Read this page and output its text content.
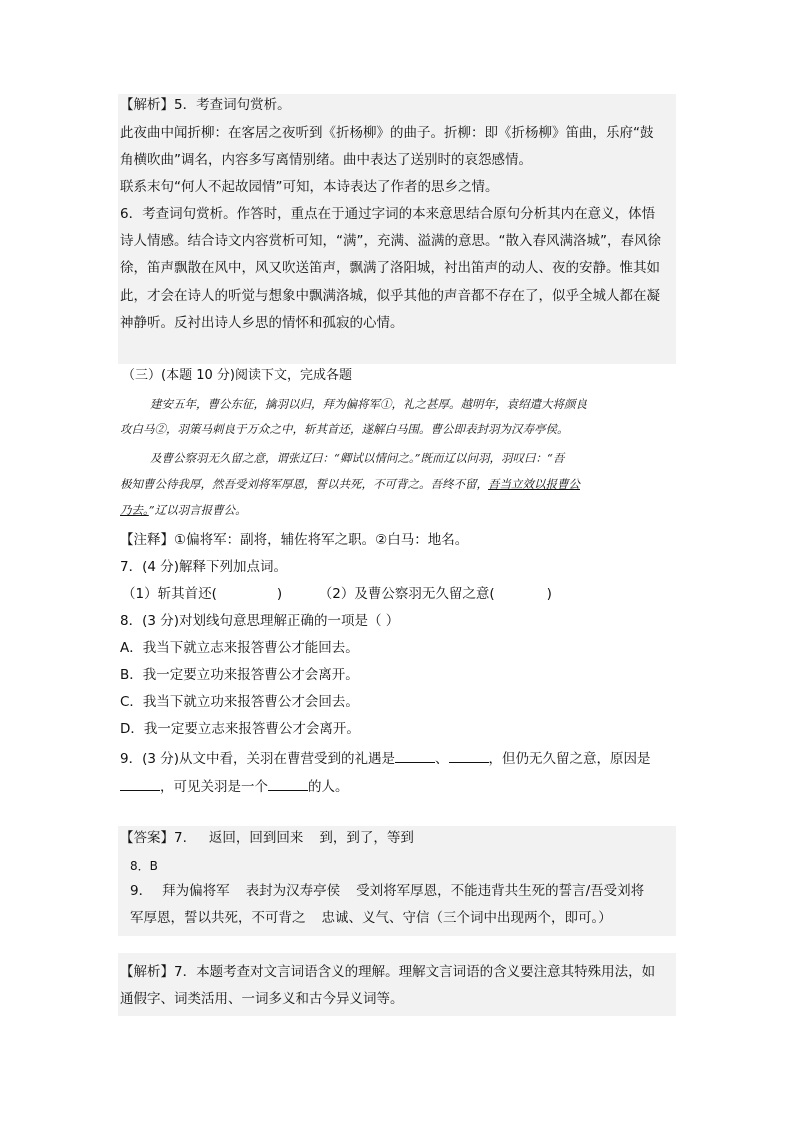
【解析】5．考查词句赏析。
此夜曲中闻折柳：在客居之夜听到《折杨柳》的曲子。折柳：即《折杨柳》笛曲，乐府“鼓
角横吹曲”调名，内容多写离情别绪。曲中表达了送别时的哀怨感情。
联系末句“何人不起故园情”可知，本诗表达了作者的思乡之情。
6．考查词句赏析。作答时，重点在于通过字词的本来意思结合原句分析其内在意义，体悟
诗人情感。结合诗文内容赏析可知，“满”，充满、溢满的意思。“散入春风满洛城”，春风徐
徐，笛声飘散在风中，风又吹送笛声，飘满了洛阳城，衬出笛声的动人、夜的安静。惟其如
此，才会在诗人的听觉与想象中飘满洛城，似乎其他的声音都不存在了，似乎全城人都在凝
神静听。反衬出诗人乡思的情怀和孤寂的心情。
（三）(本题 10 分)阅读下文，完成各题
建安五年，曹公东征，擒羽以归，拜为偏将军①，礼之甚厚。越明年，袁绍遣大将颜良
攻白马②，羽策马刺良于万众之中，斩其首还，遂解白马围。曹公即表封羽为汉寿亭侯。
及曹公察羽无久留之意，谓张辽曰：“卿试以情问之。”既而辽以问羽，羽叹曰：“吾
极知曹公待我厚，然吾受刘将军厚恩，誓以共死，不可背之。吾终不留，吾当立效以报曹公
乃去。”辽以羽言报曹公。
【注释】①偏将军：副将，辅佐将军之职。②白马：地名。
7．(4 分)解释下列加点词。
（1）斩其首还(	)	（2）及曹公察羽无久留之意(	)
8．(3 分)对划线句意思理解正确的一项是（ ）
A．我当下就立志来报答曹公才能回去。
B．我一定要立功来报答曹公才会离开。
C．我当下就立功来报答曹公才会回去。
D．我一定要立志来报答曹公才会离开。
9．(3 分)从文中看，关羽在曹营受到的礼遇是	、	，但仍无久留之意，原因是
，可见关羽是一个	的人。
【答案】7. 返回，回到回来 到，到了，等到
8．B
9． 拜为偏将军 表封为汉寿亭侯 受刘将军厚恩，不能违背共生死的誓言/吾受刘将
军厚恩，誓以共死，不可背之 忠诚、义气、守信（三个词中出现两个，即可。）
【解析】7．本题考查对文言词语含义的理解。理解文言词语的含义要注意其特殊用法，如
通假字、词类活用、一词多义和古今异义词等。
